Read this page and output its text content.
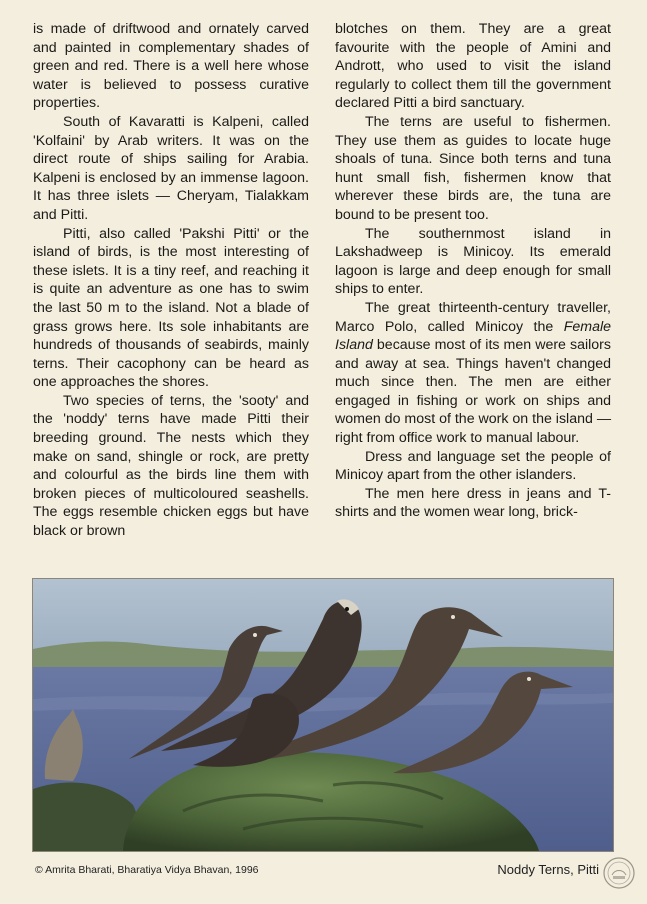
is made of driftwood and ornately carved and painted in complementary shades of green and red. There is a well here whose water is believed to possess curative properties.

South of Kavaratti is Kalpeni, called 'Kolfaini' by Arab writers. It was on the direct route of ships sailing for Arabia. Kalpeni is enclosed by an immense lagoon. It has three islets — Cheryam, Tialakkam and Pitti.

Pitti, also called 'Pakshi Pitti' or the island of birds, is the most interesting of these islets. It is a tiny reef, and reaching it is quite an adventure as one has to swim the last 50 m to the island. Not a blade of grass grows here. Its sole inhabitants are hundreds of thousands of seabirds, mainly terns. Their cacophony can be heard as one approaches the shores.

Two species of terns, the 'sooty' and the 'noddy' terns have made Pitti their breeding ground. The nests which they make on sand, shingle or rock, are pretty and colourful as the birds line them with broken pieces of multicoloured seashells. The eggs resemble chicken eggs but have black or brown

blotches on them. They are a great favourite with the people of Amini and Andrott, who used to visit the island regularly to collect them till the government declared Pitti a bird sanctuary.

The terns are useful to fishermen. They use them as guides to locate huge shoals of tuna. Since both terns and tuna hunt small fish, fishermen know that wherever these birds are, the tuna are bound to be present too.

The southernmost island in Lakshadweep is Minicoy. Its emerald lagoon is large and deep enough for small ships to enter.

The great thirteenth-century traveller, Marco Polo, called Minicoy the Female Island because most of its men were sailors and away at sea. Things haven't changed much since then. The men are either engaged in fishing or work on ships and women do most of the work on the island — right from office work to manual labour.

Dress and language set the people of Minicoy apart from the other islanders.

The men here dress in jeans and T-shirts and the women wear long, brick-

© Amrita Bharati, Bharatiya Vidya Bhavan, 1996	Noddy Terns, Pitti
